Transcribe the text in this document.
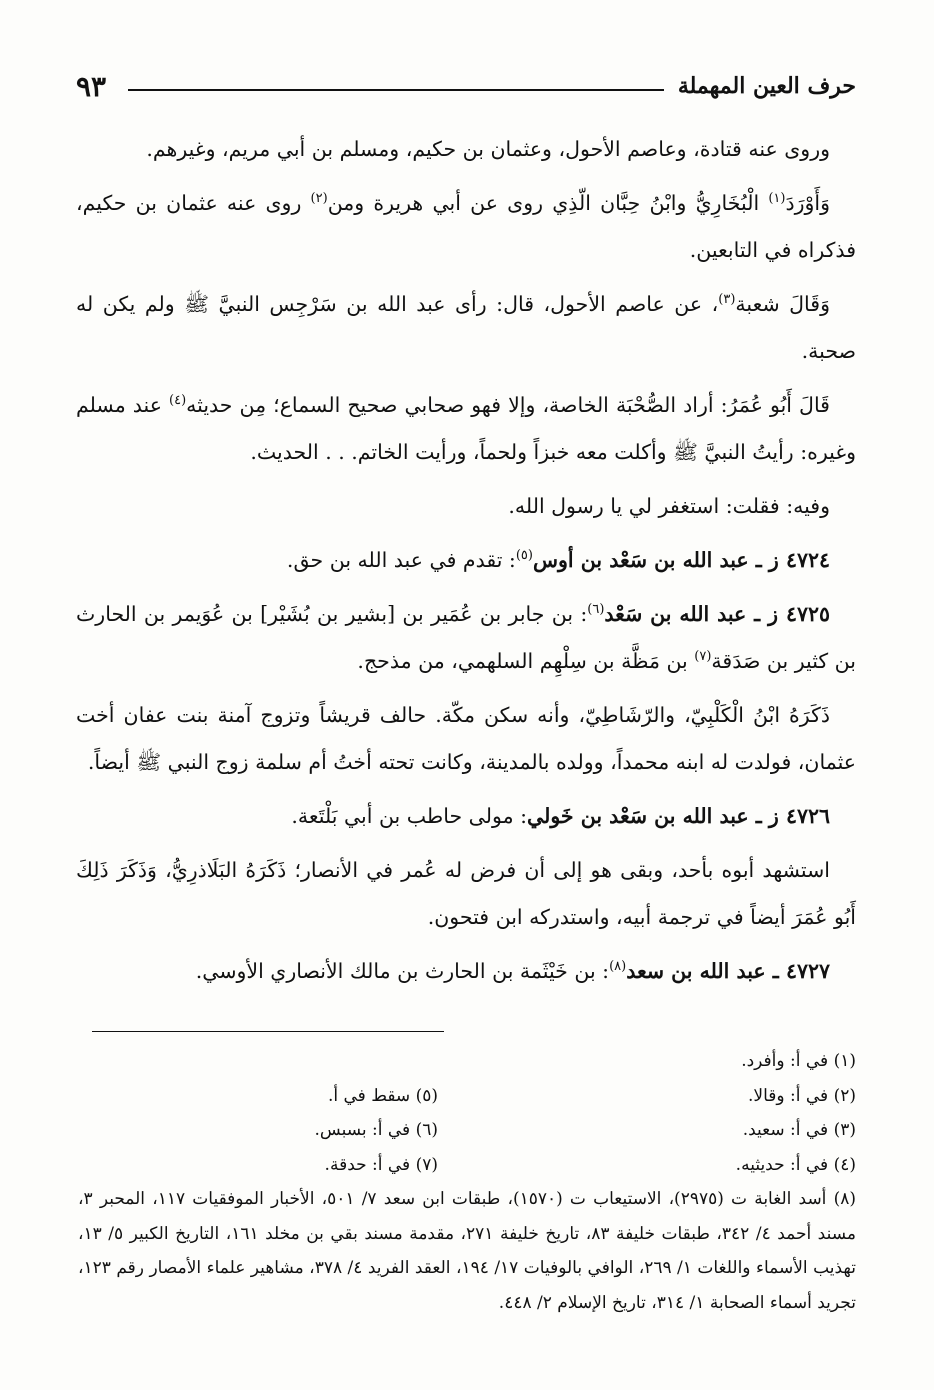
حرف العين المهملة
٩٣

وروى عنه قتادة، وعاصم الأحول، وعثمان بن حكيم، ومسلم بن أبي مريم، وغيرهم.

وَأَوْرَدَ$^{(١)}$ الْبُخَارِيُّ وابْنُ حِبَّان الّذِي روى عن أبي هريرة ومن$^{(٢)}$ روى عنه عثمان بن حكيم، فذكراه في التابعين.

وَقَالَ شعبة$^{(٣)}$، عن عاصم الأحول، قال: رأى عبد الله بن سَرْجِس النبيَّ ﷺ ولم يكن له صحبة.

قَالَ أَبُو عُمَرُ: أراد الصُّحْبَة الخاصة، وإلا فهو صحابي صحيح السماع؛ مِن حديثه$^{(٤)}$ عند مسلم وغيره: رأيتُ النبيَّ ﷺ وأكلت معه خبزاً ولحماً، ورأيت الخاتم. . . الحديث.

وفيه: فقلت: استغفر لي يا رسول الله.

٤٧٢٤ ز ـ عبد الله بن سَعْد بن أوس$^{(٥)}$: تقدم في عبد الله بن حق.

٤٧٢٥ ز ـ عبد الله بن سَعْد$^{(٦)}$: بن جابر بن عُمَير بن [بشير بن بُشَيْر] بن عُوَيمر بن الحارث بن كثير بن صَدَقة$^{(٧)}$ بن مَظَّة بن سِلْهِم السلهمي، من مذحج.

ذَكَرَهُ ابْنُ الْكَلْبِيّ، والرّشَاطِيّ، وأنه سكن مكّة. حالف قريشاً وتزوج آمنة بنت عفان أخت عثمان، فولدت له ابنه محمداً، وولده بالمدينة، وكانت تحته أختُ أم سلمة زوج النبي ﷺ أيضاً.

٤٧٢٦ ز ـ عبد الله بن سَعْد بن خَولي: مولى حاطب بن أبي بَلْتَعة.

استشهد أبوه بأحد، وبقى هو إلى أن فرض له عُمر في الأنصار؛ ذَكَرَهُ البَلَاذرِيُّ، وَذَكَرَ ذَلِكَ أَبُو عُمَرَ أيضاً في ترجمة أبيه، واستدركه ابن فتحون.

٤٧٢٧ ـ عبد الله بن سعد$^{(٨)}$: بن خَيْثَمة بن الحارث بن مالك الأنصاري الأوسي.

(١) في أ: وأفرد.
(٢) في أ: وقالا.
(٥) سقط في أ.
(٣) في أ: سعيد.
(٦) في أ: بسبس.
(٤) في أ: حديثيه.
(٧) في أ: حدقة.
(٨) أسد الغابة ت (٢٩٧٥)، الاستيعاب ت (١٥٧٠)، طبقات ابن سعد ٧/ ٥٠١، الأخبار الموفقيات ١١٧، المحبر ٣، مسند أحمد ٤/ ٣٤٢، طبقات خليفة ٨٣، تاريخ خليفة ٢٧١، مقدمة مسند بقي بن مخلد ١٦١، التاريخ الكبير ٥/ ١٣، تهذيب الأسماء واللغات ١/ ٢٦٩، الوافي بالوفيات ١٧/ ١٩٤، العقد الفريد ٤/ ٣٧٨، مشاهير علماء الأمصار رقم ١٢٣، تجريد أسماء الصحابة ١/ ٣١٤، تاريخ الإسلام ٢/ ٤٤٨.
